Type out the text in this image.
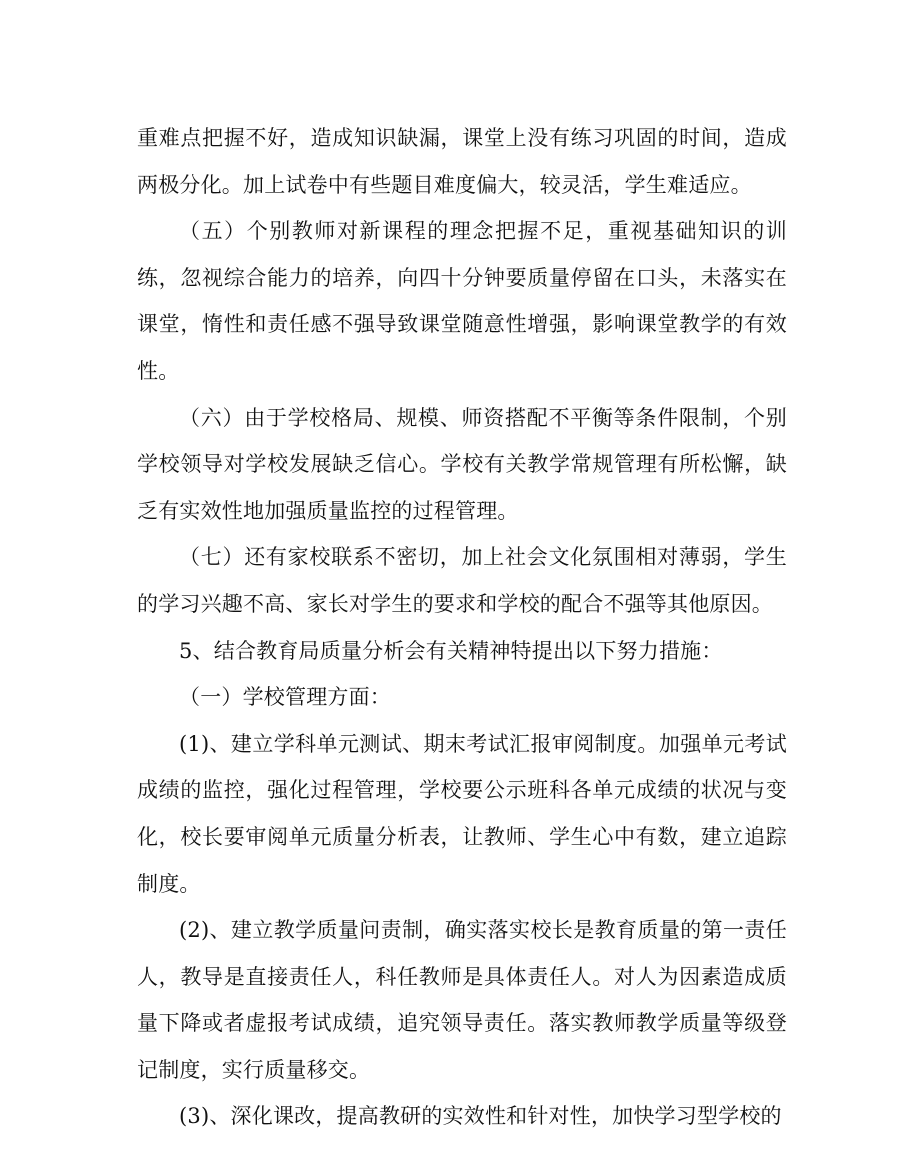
重难点把握不好，造成知识缺漏，课堂上没有练习巩固的时间，造成两极分化。加上试卷中有些题目难度偏大，较灵活，学生难适应。

（五）个别教师对新课程的理念把握不足，重视基础知识的训练，忽视综合能力的培养，向四十分钟要质量停留在口头，未落实在课堂，惰性和责任感不强导致课堂随意性增强，影响课堂教学的有效性。

（六）由于学校格局、规模、师资搭配不平衡等条件限制，个别学校领导对学校发展缺乏信心。学校有关教学常规管理有所松懈，缺乏有实效性地加强质量监控的过程管理。

（七）还有家校联系不密切，加上社会文化氛围相对薄弱，学生的学习兴趣不高、家长对学生的要求和学校的配合不强等其他原因。

5、结合教育局质量分析会有关精神特提出以下努力措施：

（一）学校管理方面：

(1)、建立学科单元测试、期末考试汇报审阅制度。加强单元考试成绩的监控，强化过程管理，学校要公示班科各单元成绩的状况与变化，校长要审阅单元质量分析表，让教师、学生心中有数，建立追踪制度。

(2)、建立教学质量问责制，确实落实校长是教育质量的第一责任人，教导是直接责任人，科任教师是具体责任人。对人为因素造成质量下降或者虚报考试成绩，追究领导责任。落实教师教学质量等级登记制度，实行质量移交。

(3)、深化课改，提高教研的实效性和针对性，加快学习型学校的
